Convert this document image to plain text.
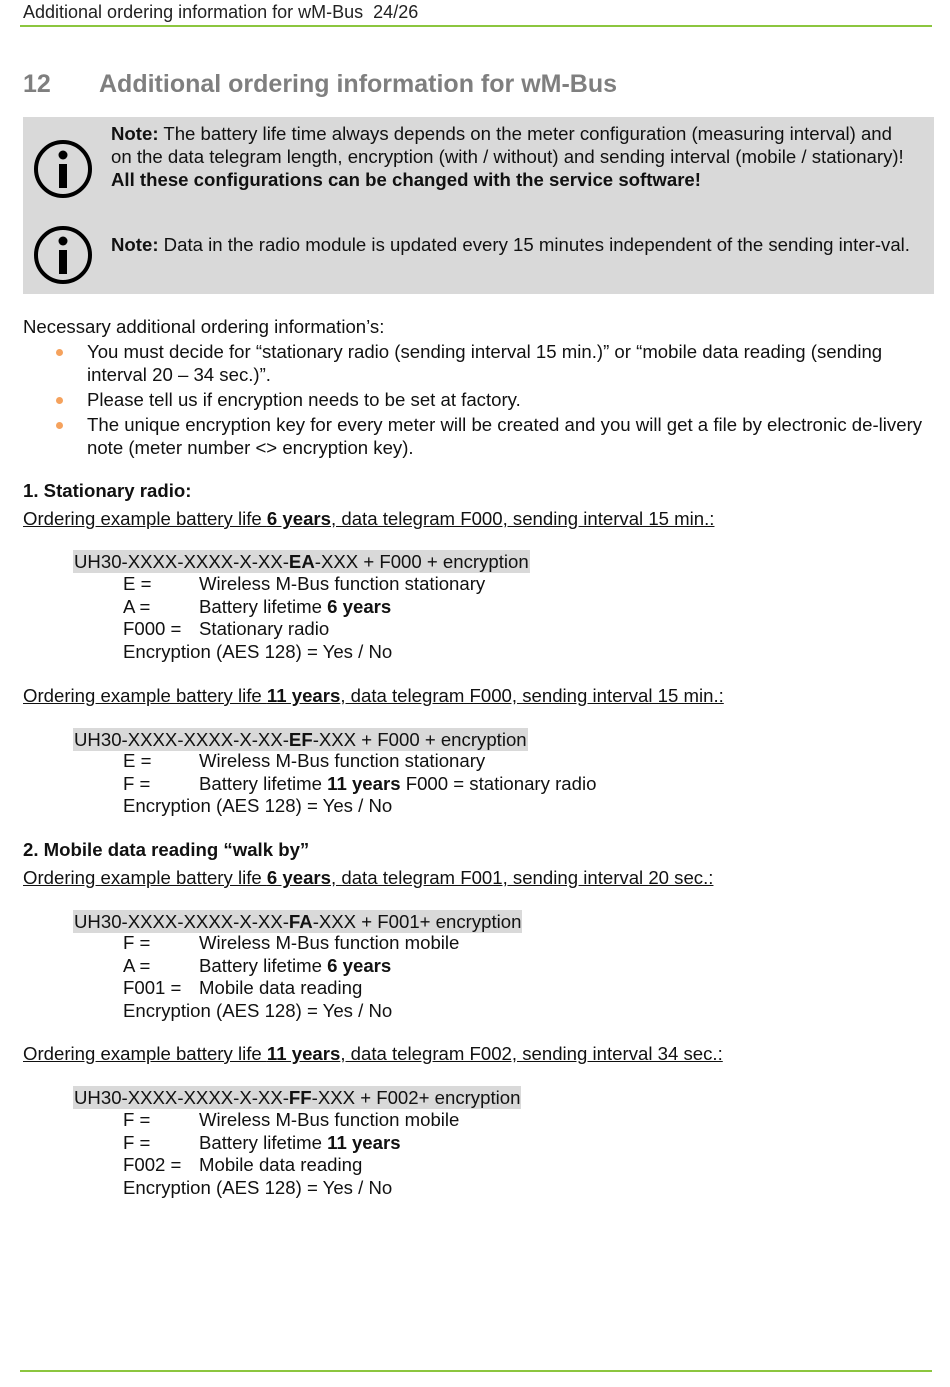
Additional ordering information for wM-Bus 24/26
12 Additional ordering information for wM-Bus
Note: The battery life time always depends on the meter configuration (measuring interval) and on the data telegram length, encryption (with / without) and sending interval (mobile / stationary)!
All these configurations can be changed with the service software!
Note: Data in the radio module is updated every 15 minutes independent of the sending inter-val.
Necessary additional ordering information’s:
You must decide for “stationary radio (sending interval 15 min.)” or “mobile data reading (sending interval 20 – 34 sec.)”.
Please tell us if encryption needs to be set at factory.
The unique encryption key for every meter will be created and you will get a file by electronic de-livery note (meter number <> encryption key).
1. Stationary radio:
Ordering example battery life 6 years, data telegram F000, sending interval 15 min.:
UH30-XXXX-XXXX-X-XX-EA-XXX + F000 + encryption
E =	Wireless M-Bus function stationary
A =	Battery lifetime 6 years
F000 = Stationary radio
Encryption (AES 128) = Yes / No
Ordering example battery life 11 years, data telegram F000, sending interval 15 min.:
UH30-XXXX-XXXX-X-XX-EF-XXX + F000 + encryption
E =	Wireless M-Bus function stationary
F =	Battery lifetime 11 years F000 = stationary radio
Encryption (AES 128) = Yes / No
2. Mobile data reading “walk by”
Ordering example battery life 6 years, data telegram F001, sending interval 20 sec.:
UH30-XXXX-XXXX-X-XX-FA-XXX + F001+ encryption
F =	Wireless M-Bus function mobile
A =	Battery lifetime 6 years
F001 = Mobile data reading
Encryption (AES 128) = Yes / No
Ordering example battery life 11 years, data telegram F002, sending interval 34 sec.:
UH30-XXXX-XXXX-X-XX-FF-XXX + F002+ encryption
F =	Wireless M-Bus function mobile
F =	Battery lifetime 11 years
F002 = Mobile data reading
Encryption (AES 128) = Yes / No
